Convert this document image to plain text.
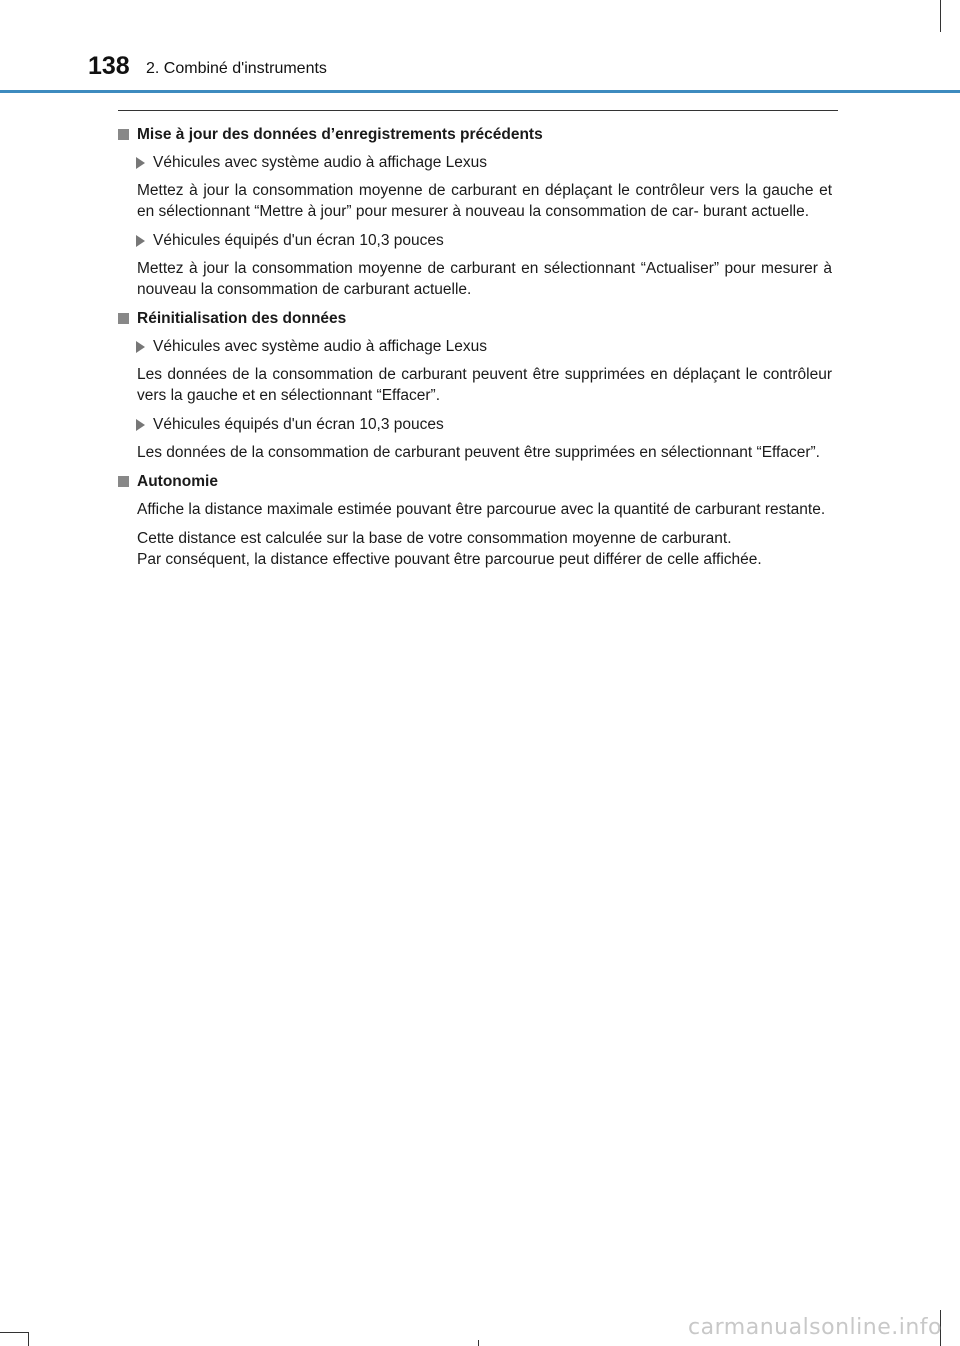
138 2. Combiné d'instruments
Mise à jour des données d’enregistrements précédents
Véhicules avec système audio à affichage Lexus

Mettez à jour la consommation moyenne de carburant en déplaçant le contrôleur vers la gauche et en sélectionnant “Mettre à jour” pour mesurer à nouveau la consommation de car- burant actuelle.

Véhicules équipés d'un écran 10,3 pouces

Mettez à jour la consommation moyenne de carburant en sélectionnant “Actualiser” pour mesurer à nouveau la consommation de carburant actuelle.

Réinitialisation des données
Véhicules avec système audio à affichage Lexus

Les données de la consommation de carburant peuvent être supprimées en déplaçant le contrôleur vers la gauche et en sélectionnant “Effacer”.

Véhicules équipés d'un écran 10,3 pouces

Les données de la consommation de carburant peuvent être supprimées en sélectionnant “Effacer”.

Autonomie

Affiche la distance maximale estimée pouvant être parcourue avec la quantité de carburant restante.

Cette distance est calculée sur la base de votre consommation moyenne de carburant.

Par conséquent, la distance effective pouvant être parcourue peut différer de celle affichée.

carmanualsonline.info
